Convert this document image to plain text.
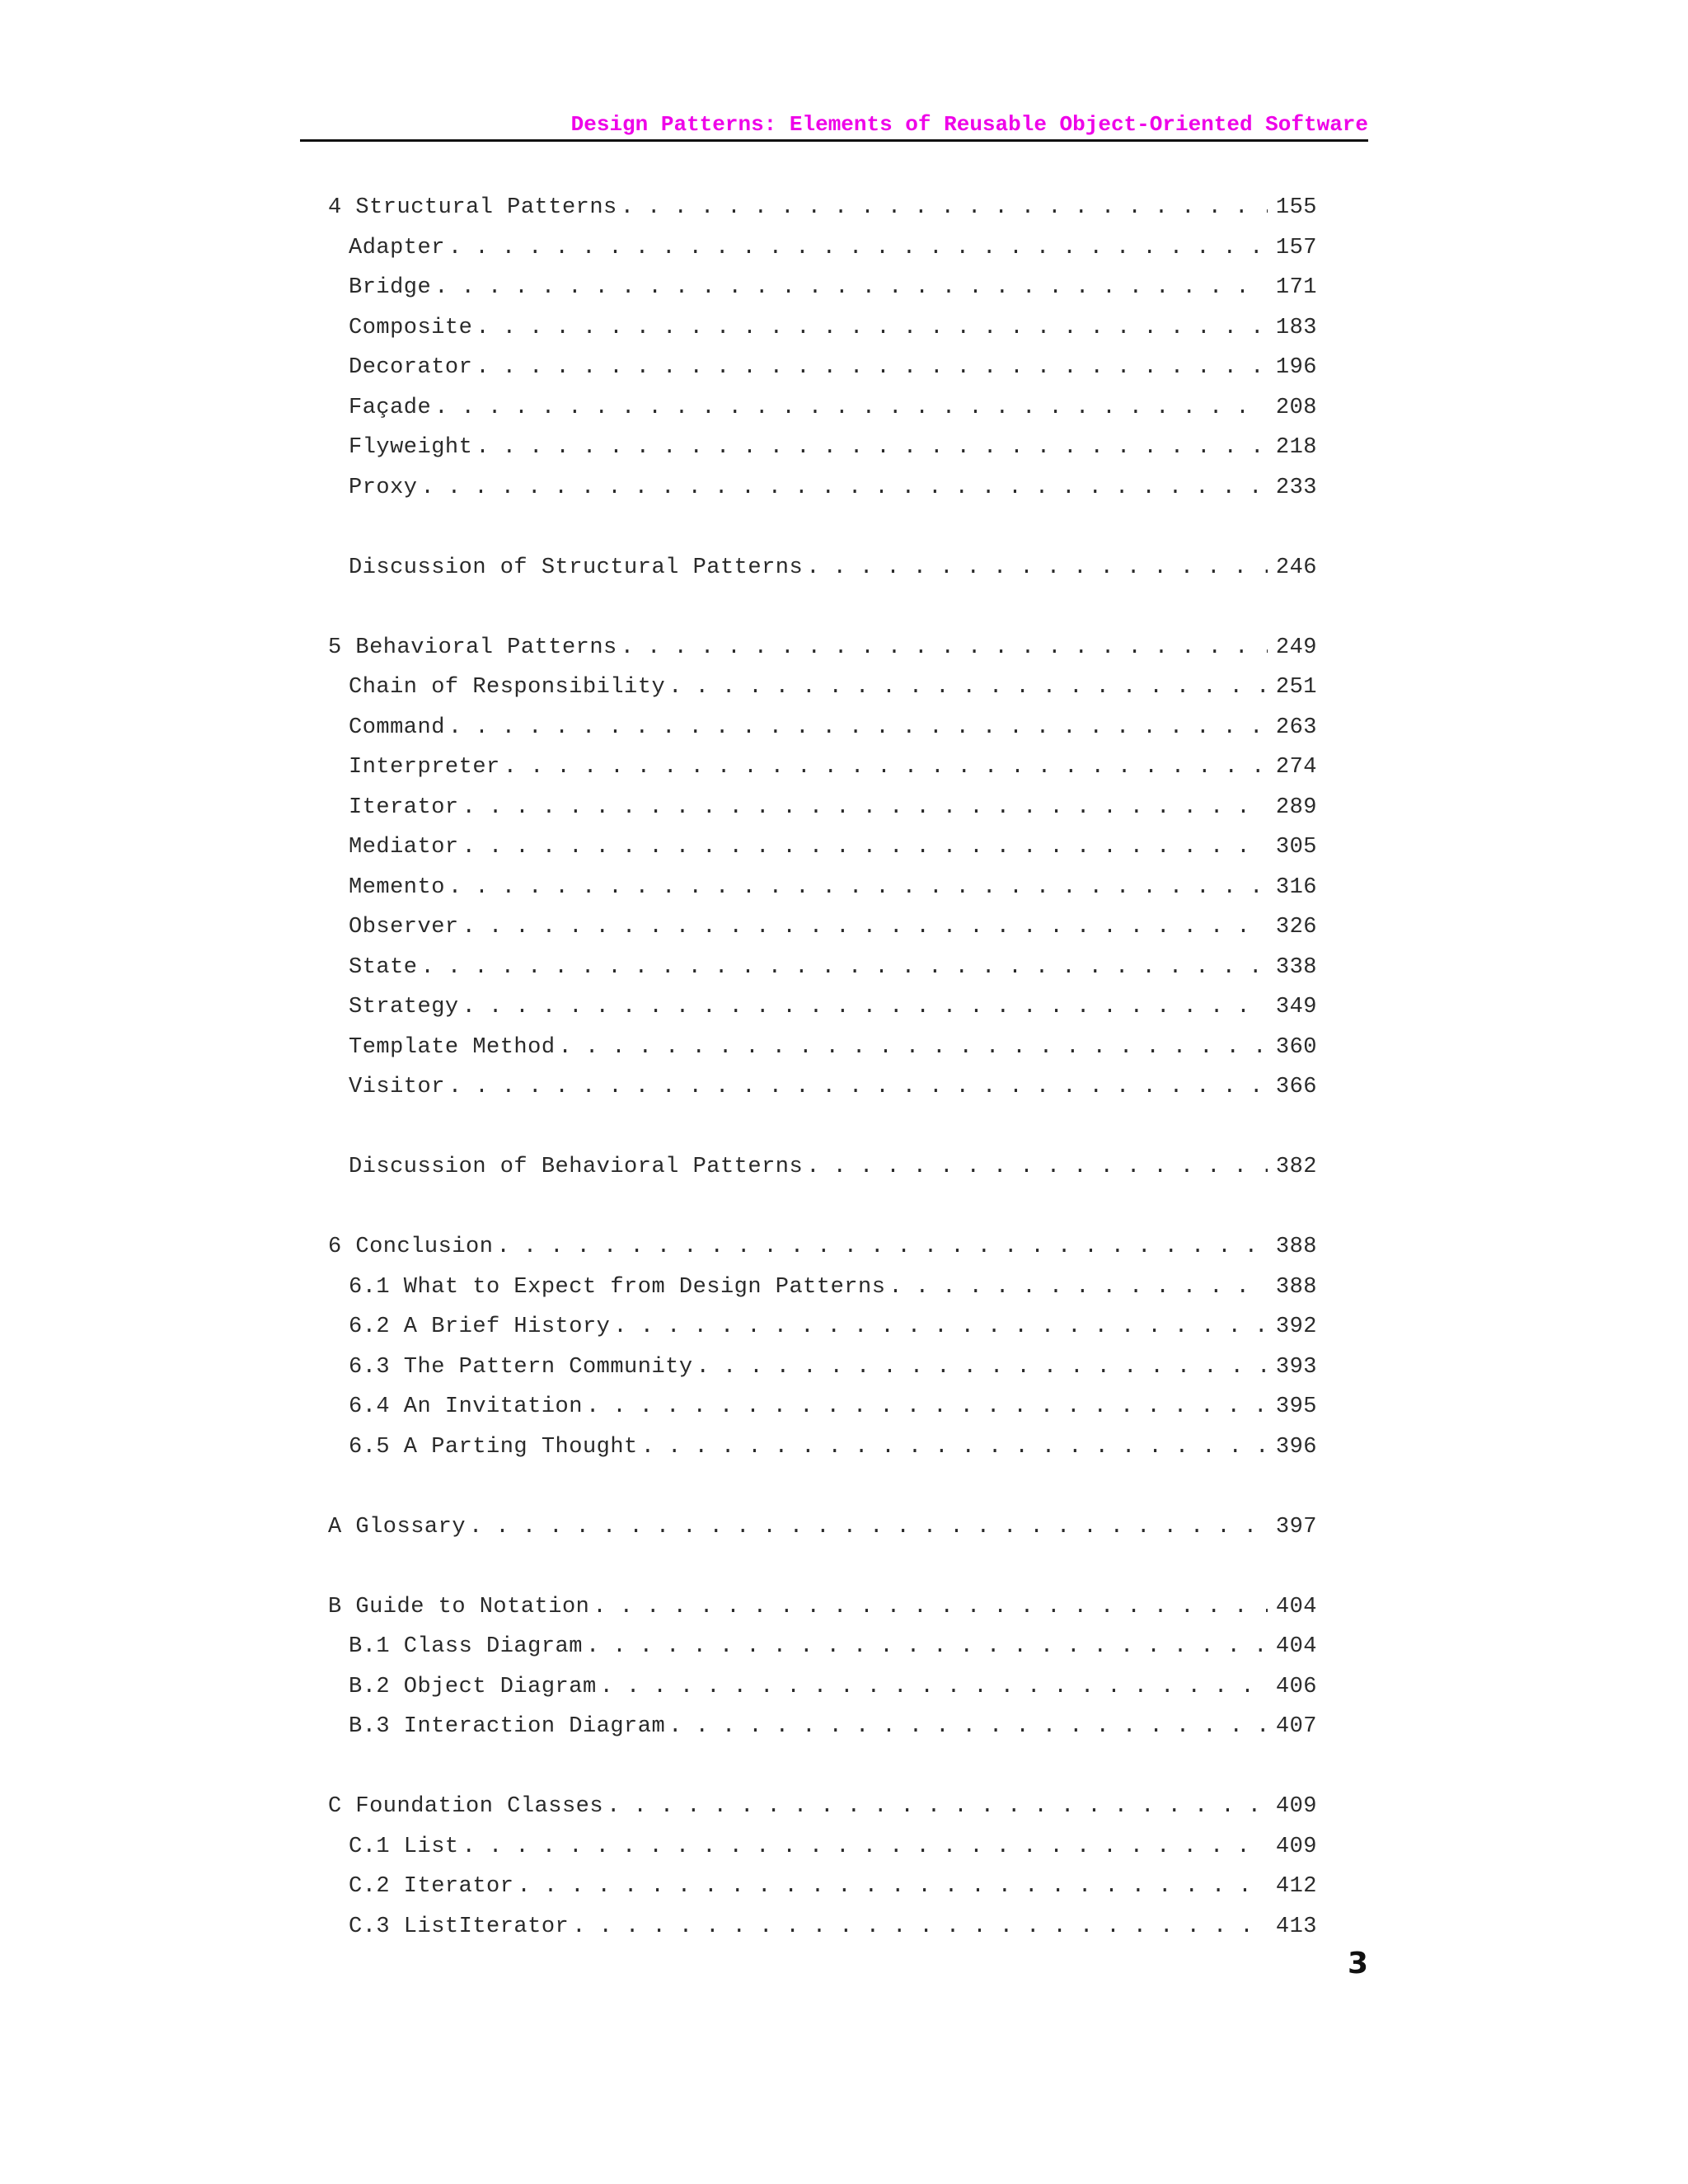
Design Patterns: Elements of Reusable Object-Oriented Software
4 Structural Patterns . . .	155
Adapter . . .	157
Bridge . . .	171
Composite . . .	183
Decorator . . .	196
Façade . . .	208
Flyweight . . .	218
Proxy . . .	233
Discussion of Structural Patterns . . .	246
5 Behavioral Patterns . . .	249
Chain of Responsibility . . .	251
Command . . .	263
Interpreter . . .	274
Iterator . . .	289
Mediator . . .	305
Memento . . .	316
Observer . . .	326
State . . .	338
Strategy . . .	349
Template Method . . .	360
Visitor . . .	366
Discussion of Behavioral Patterns . . .	382
6 Conclusion . . .	388
6.1 What to Expect from Design Patterns . . .	388
6.2 A Brief History . . .	392
6.3 The Pattern Community . . .	393
6.4 An Invitation . . .	395
6.5 A Parting Thought . . .	396
A Glossary . . .	397
B Guide to Notation . . .	404
B.1 Class Diagram . . .	404
B.2 Object Diagram . . .	406
B.3 Interaction Diagram . . .	407
C Foundation Classes . . .	409
C.1 List . . .	409
C.2 Iterator . . .	412
C.3 ListIterator . . .	413
3
